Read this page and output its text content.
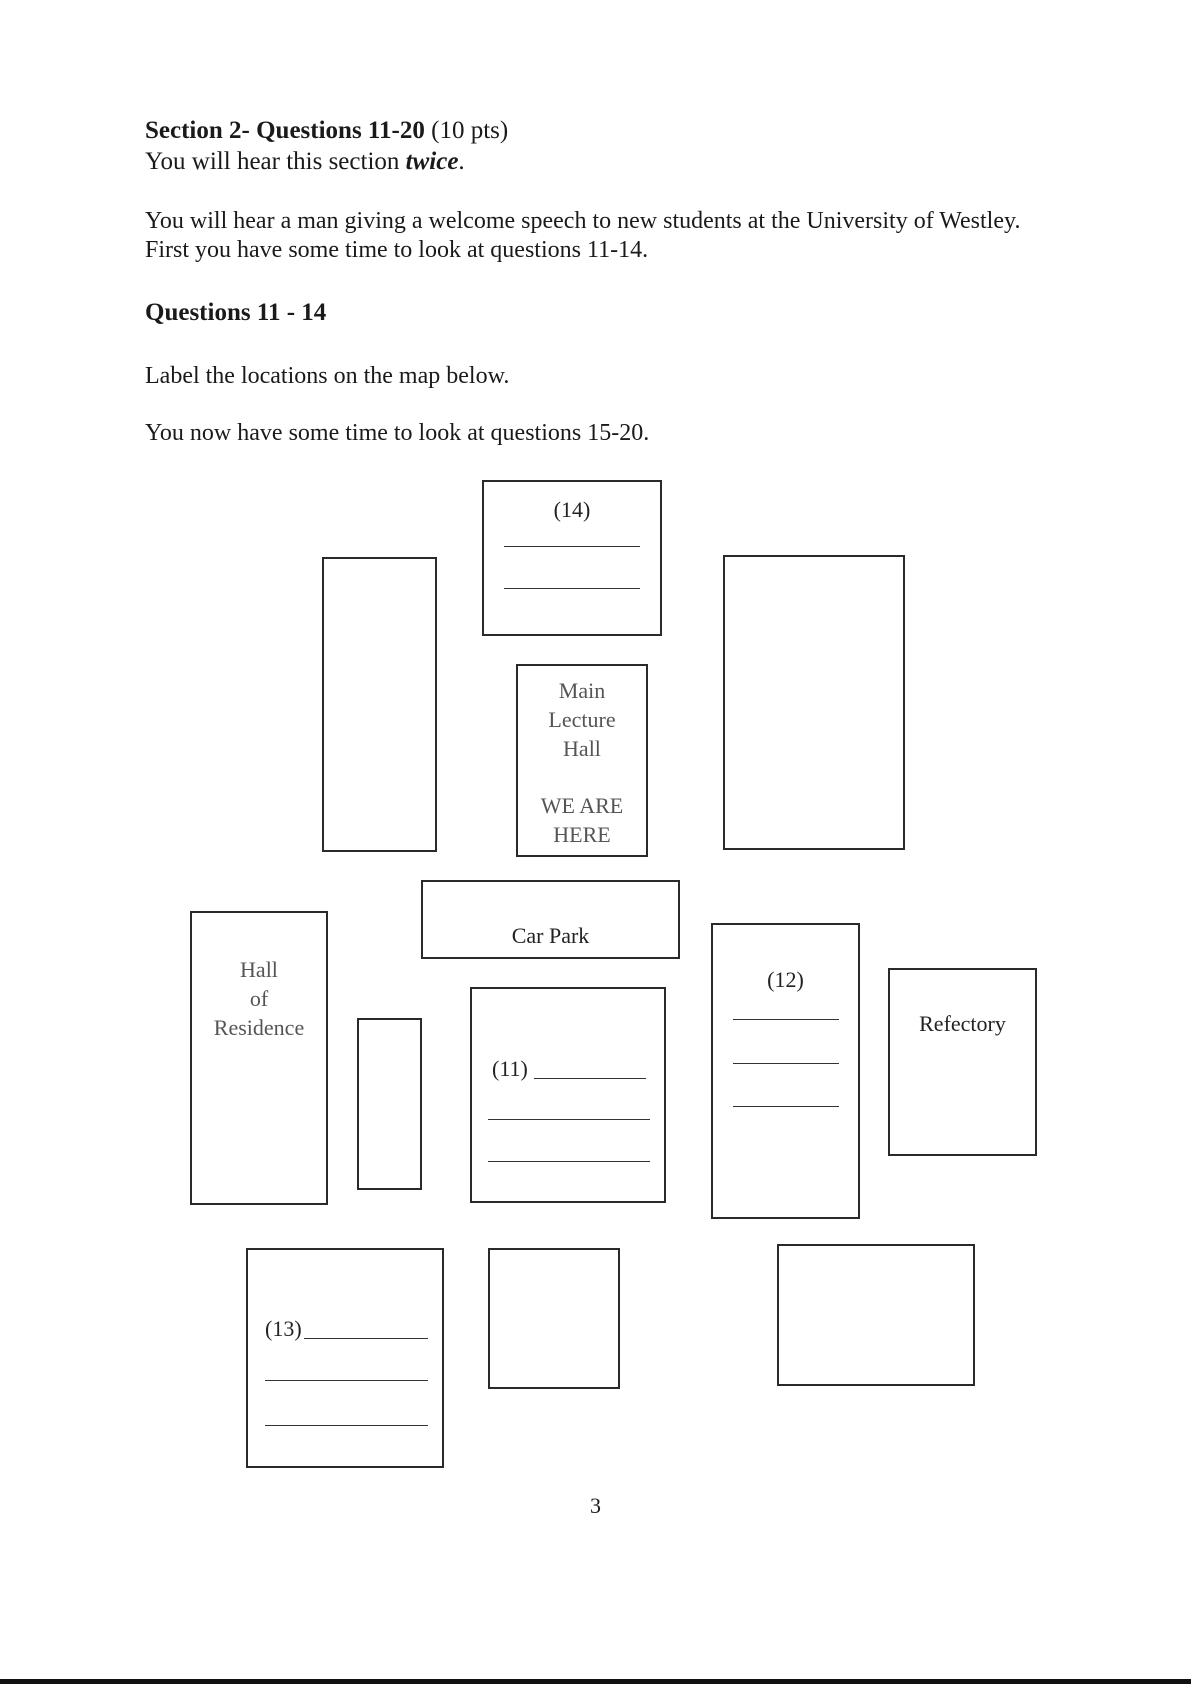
Section 2- Questions 11-20 (10 pts)
You will hear this section twice.
You will hear a man giving a welcome speech to new students at the University of Westley.
First you have some time to look at questions 11-14.
Questions 11 - 14
Label the locations on the map below.
You now have some time to look at questions 15-20.
(14)
Main
Lecture
Hall
WE ARE
HERE
Car Park
Hall
of
Residence
(11)
(12)
Refectory
(13)
3
